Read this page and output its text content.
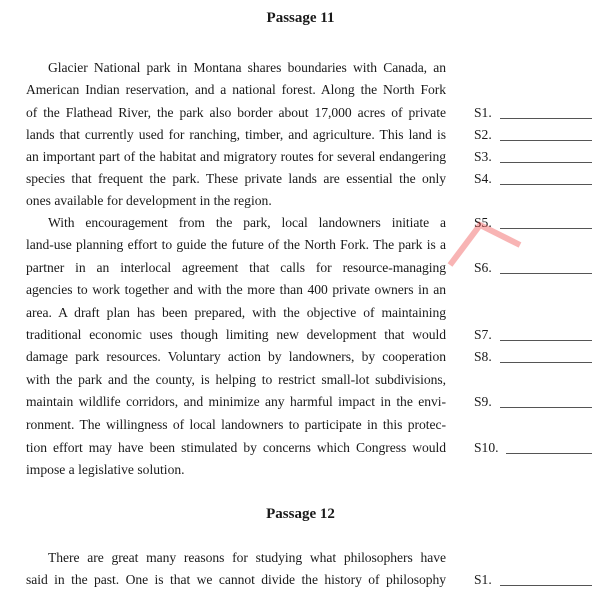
Passage 11
Glacier National park in Montana shares boundaries with Canada, an
American Indian reservation, and a national forest. Along the North Fork
of the Flathead River, the park also border about 17,000 acres of private
lands that currently used for ranching, timber, and agriculture. This land is
an important part of the habitat and migratory routes for several endangering
species that frequent the park. These private lands are essential the only
ones available for development in the region.
With encouragement from the park, local landowners initiate a
land-use planning effort to guide the future of the North Fork. The park is a
partner in an interlocal agreement that calls for resource-managing
agencies to work together and with the more than 400 private owners in an
area. A draft plan has been prepared, with the objective of maintaining
traditional economic uses though limiting new development that would
damage park resources. Voluntary action by landowners, by cooperation
with the park and the county, is helping to restrict small-lot subdivisions,
maintain wildlife corridors, and minimize any harmful impact in the envi-
ronment. The willingness of local landowners to participate in this protec-
tion effort may have been stimulated by concerns which Congress would
impose a legislative solution.
S1.
S2.
S3.
S4.
S5.
S6.
S7.
S8.
S9.
S10.
Passage 12
There are great many reasons for studying what philosophers have
said in the past. One is that we cannot divide the history of philosophy S1.
